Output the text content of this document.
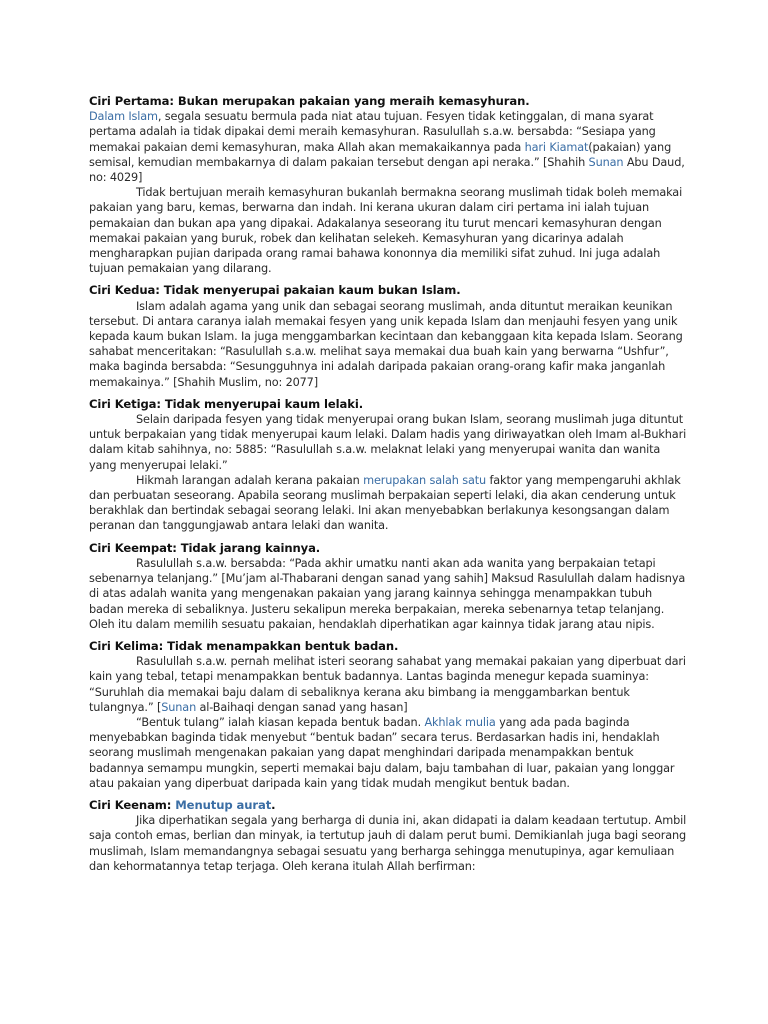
Ciri Pertama: Bukan merupakan pakaian yang meraih kemasyhuran.

Dalam Islam, segala sesuatu bermula pada niat atau tujuan. Fesyen tidak ketinggalan, di mana syarat pertama adalah ia tidak dipakai demi meraih kemasyhuran. Rasulullah s.a.w. bersabda: “Sesiapa yang memakai pakaian demi kemasyhuran, maka Allah akan memakaikannya pada hari Kiamat(pakaian) yang semisal, kemudian membakarnya di dalam pakaian tersebut dengan api neraka.” [Shahih Sunan Abu Daud, no: 4029]

Tidak bertujuan meraih kemasyhuran bukanlah bermakna seorang muslimah tidak boleh memakai pakaian yang baru, kemas, berwarna dan indah. Ini kerana ukuran dalam ciri pertama ini ialah tujuan pemakaian dan bukan apa yang dipakai. Adakalanya seseorang itu turut mencari kemasyhuran dengan memakai pakaian yang buruk, robek dan kelihatan selekeh. Kemasyhuran yang dicarinya adalah mengharapkan pujian daripada orang ramai bahawa kononnya dia memiliki sifat zuhud. Ini juga adalah tujuan pemakaian yang dilarang.

Ciri Kedua: Tidak menyerupai pakaian kaum bukan Islam.

Islam adalah agama yang unik dan sebagai seorang muslimah, anda dituntut meraikan keunikan tersebut. Di antara caranya ialah memakai fesyen yang unik kepada Islam dan menjauhi fesyen yang unik kepada kaum bukan Islam. Ia juga menggambarkan kecintaan dan kebanggaan kita kepada Islam. Seorang sahabat menceritakan: “Rasulullah s.a.w. melihat saya memakai dua buah kain yang berwarna “Ushfur”, maka baginda bersabda: “Sesungguhnya ini adalah daripada pakaian orang-orang kafir maka janganlah memakainya.” [Shahih Muslim, no: 2077]

Ciri Ketiga: Tidak menyerupai kaum lelaki.

Selain daripada fesyen yang tidak menyerupai orang bukan Islam, seorang muslimah juga dituntut untuk berpakaian yang tidak menyerupai kaum lelaki. Dalam hadis yang diriwayatkan oleh Imam al-Bukhari dalam kitab sahihnya, no: 5885: “Rasulullah s.a.w. melaknat lelaki yang menyerupai wanita dan wanita yang menyerupai lelaki.”

Hikmah larangan adalah kerana pakaian merupakan salah satu faktor yang mempengaruhi akhlak dan perbuatan seseorang. Apabila seorang muslimah berpakaian seperti lelaki, dia akan cenderung untuk berakhlak dan bertindak sebagai seorang lelaki. Ini akan menyebabkan berlakunya kesongsangan dalam peranan dan tanggungjawab antara lelaki dan wanita.

Ciri Keempat: Tidak jarang kainnya.

Rasulullah s.a.w. bersabda: “Pada akhir umatku nanti akan ada wanita yang berpakaian tetapi sebenarnya telanjang.” [Mu’jam al-Thabarani dengan sanad yang sahih] Maksud Rasulullah dalam hadisnya di atas adalah wanita yang mengenakan pakaian yang jarang kainnya sehingga menampakkan tubuh badan mereka di sebaliknya. Justeru sekalipun mereka berpakaian, mereka sebenarnya tetap telanjang. Oleh itu dalam memilih sesuatu pakaian, hendaklah diperhatikan agar kainnya tidak jarang atau nipis.

Ciri Kelima: Tidak menampakkan bentuk badan.

Rasulullah s.a.w. pernah melihat isteri seorang sahabat yang memakai pakaian yang diperbuat dari kain yang tebal, tetapi menampakkan bentuk badannya. Lantas baginda menegur kepada suaminya: “Suruhlah dia memakai baju dalam di sebaliknya kerana aku bimbang ia menggambarkan bentuk tulangnya.” [Sunan al-Baihaqi dengan sanad yang hasan]

“Bentuk tulang” ialah kiasan kepada bentuk badan. Akhlak mulia yang ada pada baginda menyebabkan baginda tidak menyebut “bentuk badan” secara terus. Berdasarkan hadis ini, hendaklah seorang muslimah mengenakan pakaian yang dapat menghindari daripada menampakkan bentuk badannya semampu mungkin, seperti memakai baju dalam, baju tambahan di luar, pakaian yang longgar atau pakaian yang diperbuat daripada kain yang tidak mudah mengikut bentuk badan.

Ciri Keenam: Menutup aurat.

Jika diperhatikan segala yang berharga di dunia ini, akan didapati ia dalam keadaan tertutup. Ambil saja contoh emas, berlian dan minyak, ia tertutup jauh di dalam perut bumi. Demikianlah juga bagi seorang muslimah, Islam memandangnya sebagai sesuatu yang berharga sehingga menutupinya, agar kemuliaan dan kehormatannya tetap terjaga. Oleh kerana itulah Allah berfirman:
